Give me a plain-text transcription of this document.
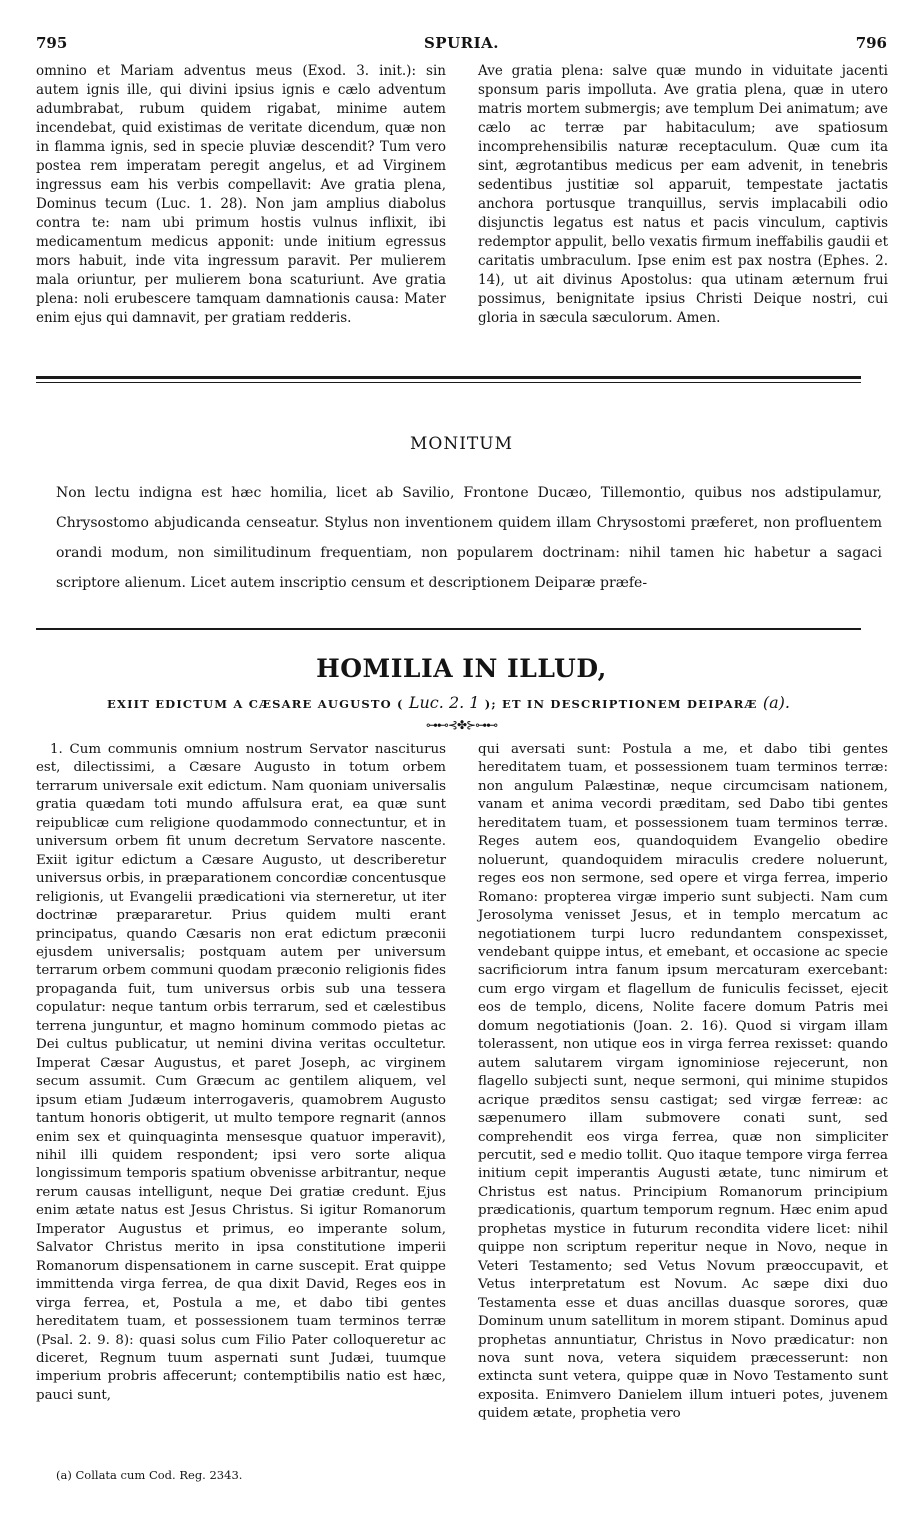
795	SPURIA.	796

omnino et Mariam adventus meus (Exod. 3. init.): sin autem ignis ille, qui divini ipsius ignis e cælo adventum adumbrabat, rubum quidem rigabat, minime autem incendebat, quid existimas de veritate dicendum, quæ non in flamma ignis, sed in specie pluviæ descendit? Tum vero postea rem imperatam peregit angelus, et ad Virginem ingressus eam his verbis compellavit: Ave gratia plena, Dominus tecum (Luc. 1. 28). Non jam amplius diabolus contra te: nam ubi primum hostis vulnus inflixit, ibi medicamentum medicus apponit: unde initium egressus mors habuit, inde vita ingressum paravit. Per mulierem mala oriuntur, per mulierem bona scaturiunt. Ave gratia plena: noli erubescere tamquam damnationis causa: Mater enim ejus qui damnavit, per gratiam redderis.

Ave gratia plena: salve quæ mundo in viduitate jacenti sponsum paris impolluta. Ave gratia plena, quæ in utero matris mortem submergis; ave templum Dei animatum; ave cælo ac terræ par habitaculum; ave spatiosum incomprehensibilis naturæ receptaculum. Quæ cum ita sint, ægrotantibus medicus per eam advenit, in tenebris sedentibus justitiæ sol apparuit, tempestate jactatis anchora portusque tranquillus, servis implacabili odio disjunctis legatus est natus et pacis vinculum, captivis redemptor appulit, bello vexatis firmum ineffabilis gaudii et caritatis umbraculum. Ipse enim est pax nostra (Ephes. 2. 14), ut ait divinus Apostolus: qua utinam æternum frui possimus, benignitate ipsius Christi Deique nostri, cui gloria in sæcula sæculorum. Amen.

MONITUM
Non lectu indigna est hæc homilia, licet ab Savilio, Frontone Ducæo, Tillemontio, quibus nos adstipulamur, Chrysostomo abjudicanda censeatur. Stylus non inventionem quidem illam Chrysostomi præferet, non profluentem orandi modum, non similitudinum frequentiam, non popularem doctrinam: nihil tamen hic habetur a sagaci scriptore alienum. Licet autem inscriptio censum et descriptionem Deiparæ præfe-
HOMILIA IN ILLUD,
EXIIT EDICTUM A CÆSARE AUGUSTO ( Luc. 2. 1 ); ET IN DESCRIPTIONEM DEIPARÆ (a).
⊶⊷⊰✤⊱⊶⊷

1. Cum communis omnium nostrum Servator nasciturus est, dilectissimi, a Cæsare Augusto in totum orbem terrarum universale exit edictum. Nam quoniam universalis gratia quædam toti mundo affulsura erat, ea quæ sunt reipublicæ cum religione quodammodo connectuntur, et in universum orbem fit unum decretum Servatore nascente. Exiit igitur edictum a Cæsare Augusto, ut describeretur universus orbis, in præparationem concordiæ concentusque religionis, ut Evangelii prædicationi via sterneretur, ut iter doctrinæ præpararetur. Prius quidem multi erant principatus, quando Cæsaris non erat edictum præconii ejusdem universalis; postquam autem per universum terrarum orbem communi quodam præconio religionis fides propaganda fuit, tum universus orbis sub una tessera copulatur: neque tantum orbis terrarum, sed et cælestibus terrena junguntur, et magno hominum commodo pietas ac Dei cultus publicatur, ut nemini divina veritas occultetur. Imperat Cæsar Augustus, et paret Joseph, ac virginem secum assumit. Cum Græcum ac gentilem aliquem, vel ipsum etiam Judæum interrogaveris, quamobrem Augusto tantum honoris obtigerit, ut multo tempore regnarit (annos enim sex et quinquaginta mensesque quatuor imperavit), nihil illi quidem respondent; ipsi vero sorte aliqua longissimum temporis spatium obvenisse arbitrantur, neque rerum causas intelligunt, neque Dei gratiæ credunt. Ejus enim ætate natus est Jesus Christus. Si igitur Romanorum Imperator Augustus et primus, eo imperante solum, Salvator Christus merito in ipsa constitutione imperii Romanorum dispensationem in carne suscepit. Erat quippe immittenda virga ferrea, de qua dixit David, Reges eos in virga ferrea, et, Postula a me, et dabo tibi gentes hereditatem tuam, et possessionem tuam terminos terræ (Psal. 2. 9. 8): quasi solus cum Filio Pater colloqueretur ac diceret, Regnum tuum aspernati sunt Judæi, tuumque imperium probris affecerunt; contemptibilis natio est hæc, pauci sunt,

qui aversati sunt: Postula a me, et dabo tibi gentes hereditatem tuam, et possessionem tuam terminos terræ: non angulum Palæstinæ, neque circumcisam nationem, vanam et anima vecordi præditam, sed Dabo tibi gentes hereditatem tuam, et possessionem tuam terminos terræ. Reges autem eos, quandoquidem Evangelio obedire noluerunt, quandoquidem miraculis credere noluerunt, reges eos non sermone, sed opere et virga ferrea, imperio Romano: propterea virgæ imperio sunt subjecti. Nam cum Jerosolyma venisset Jesus, et in templo mercatum ac negotiationem turpi lucro redundantem conspexisset, vendebant quippe intus, et emebant, et occasione ac specie sacrificiorum intra fanum ipsum mercaturam exercebant: cum ergo virgam et flagellum de funiculis fecisset, ejecit eos de templo, dicens, Nolite facere domum Patris mei domum negotiationis (Joan. 2. 16). Quod si virgam illam tolerassent, non utique eos in virga ferrea rexisset: quando autem salutarem virgam ignominiose rejecerunt, non flagello subjecti sunt, neque sermoni, qui minime stupidos acrique præditos sensu castigat; sed virgæ ferreæ: ac sæpenumero illam submovere conati sunt, sed comprehendit eos virga ferrea, quæ non simpliciter percutit, sed e medio tollit. Quo itaque tempore virga ferrea initium cepit imperantis Augusti ætate, tunc nimirum et Christus est natus. Principium Romanorum principium prædicationis, quartum temporum regnum. Hæc enim apud prophetas mystice in futurum recondita videre licet: nihil quippe non scriptum reperitur neque in Novo, neque in Veteri Testamento; sed Vetus Novum præoccupavit, et Vetus interpretatum est Novum. Ac sæpe dixi duo Testamenta esse et duas ancillas duasque sorores, quæ Dominum unum satellitum in morem stipant. Dominus apud prophetas annuntiatur, Christus in Novo prædicatur: non nova sunt nova, vetera siquidem præcesserunt: non extincta sunt vetera, quippe quæ in Novo Testamento sunt exposita. Enimvero Danielem illum intueri potes, juvenem quidem ætate, prophetia vero

(a) Collata cum Cod. Reg. 2343.
